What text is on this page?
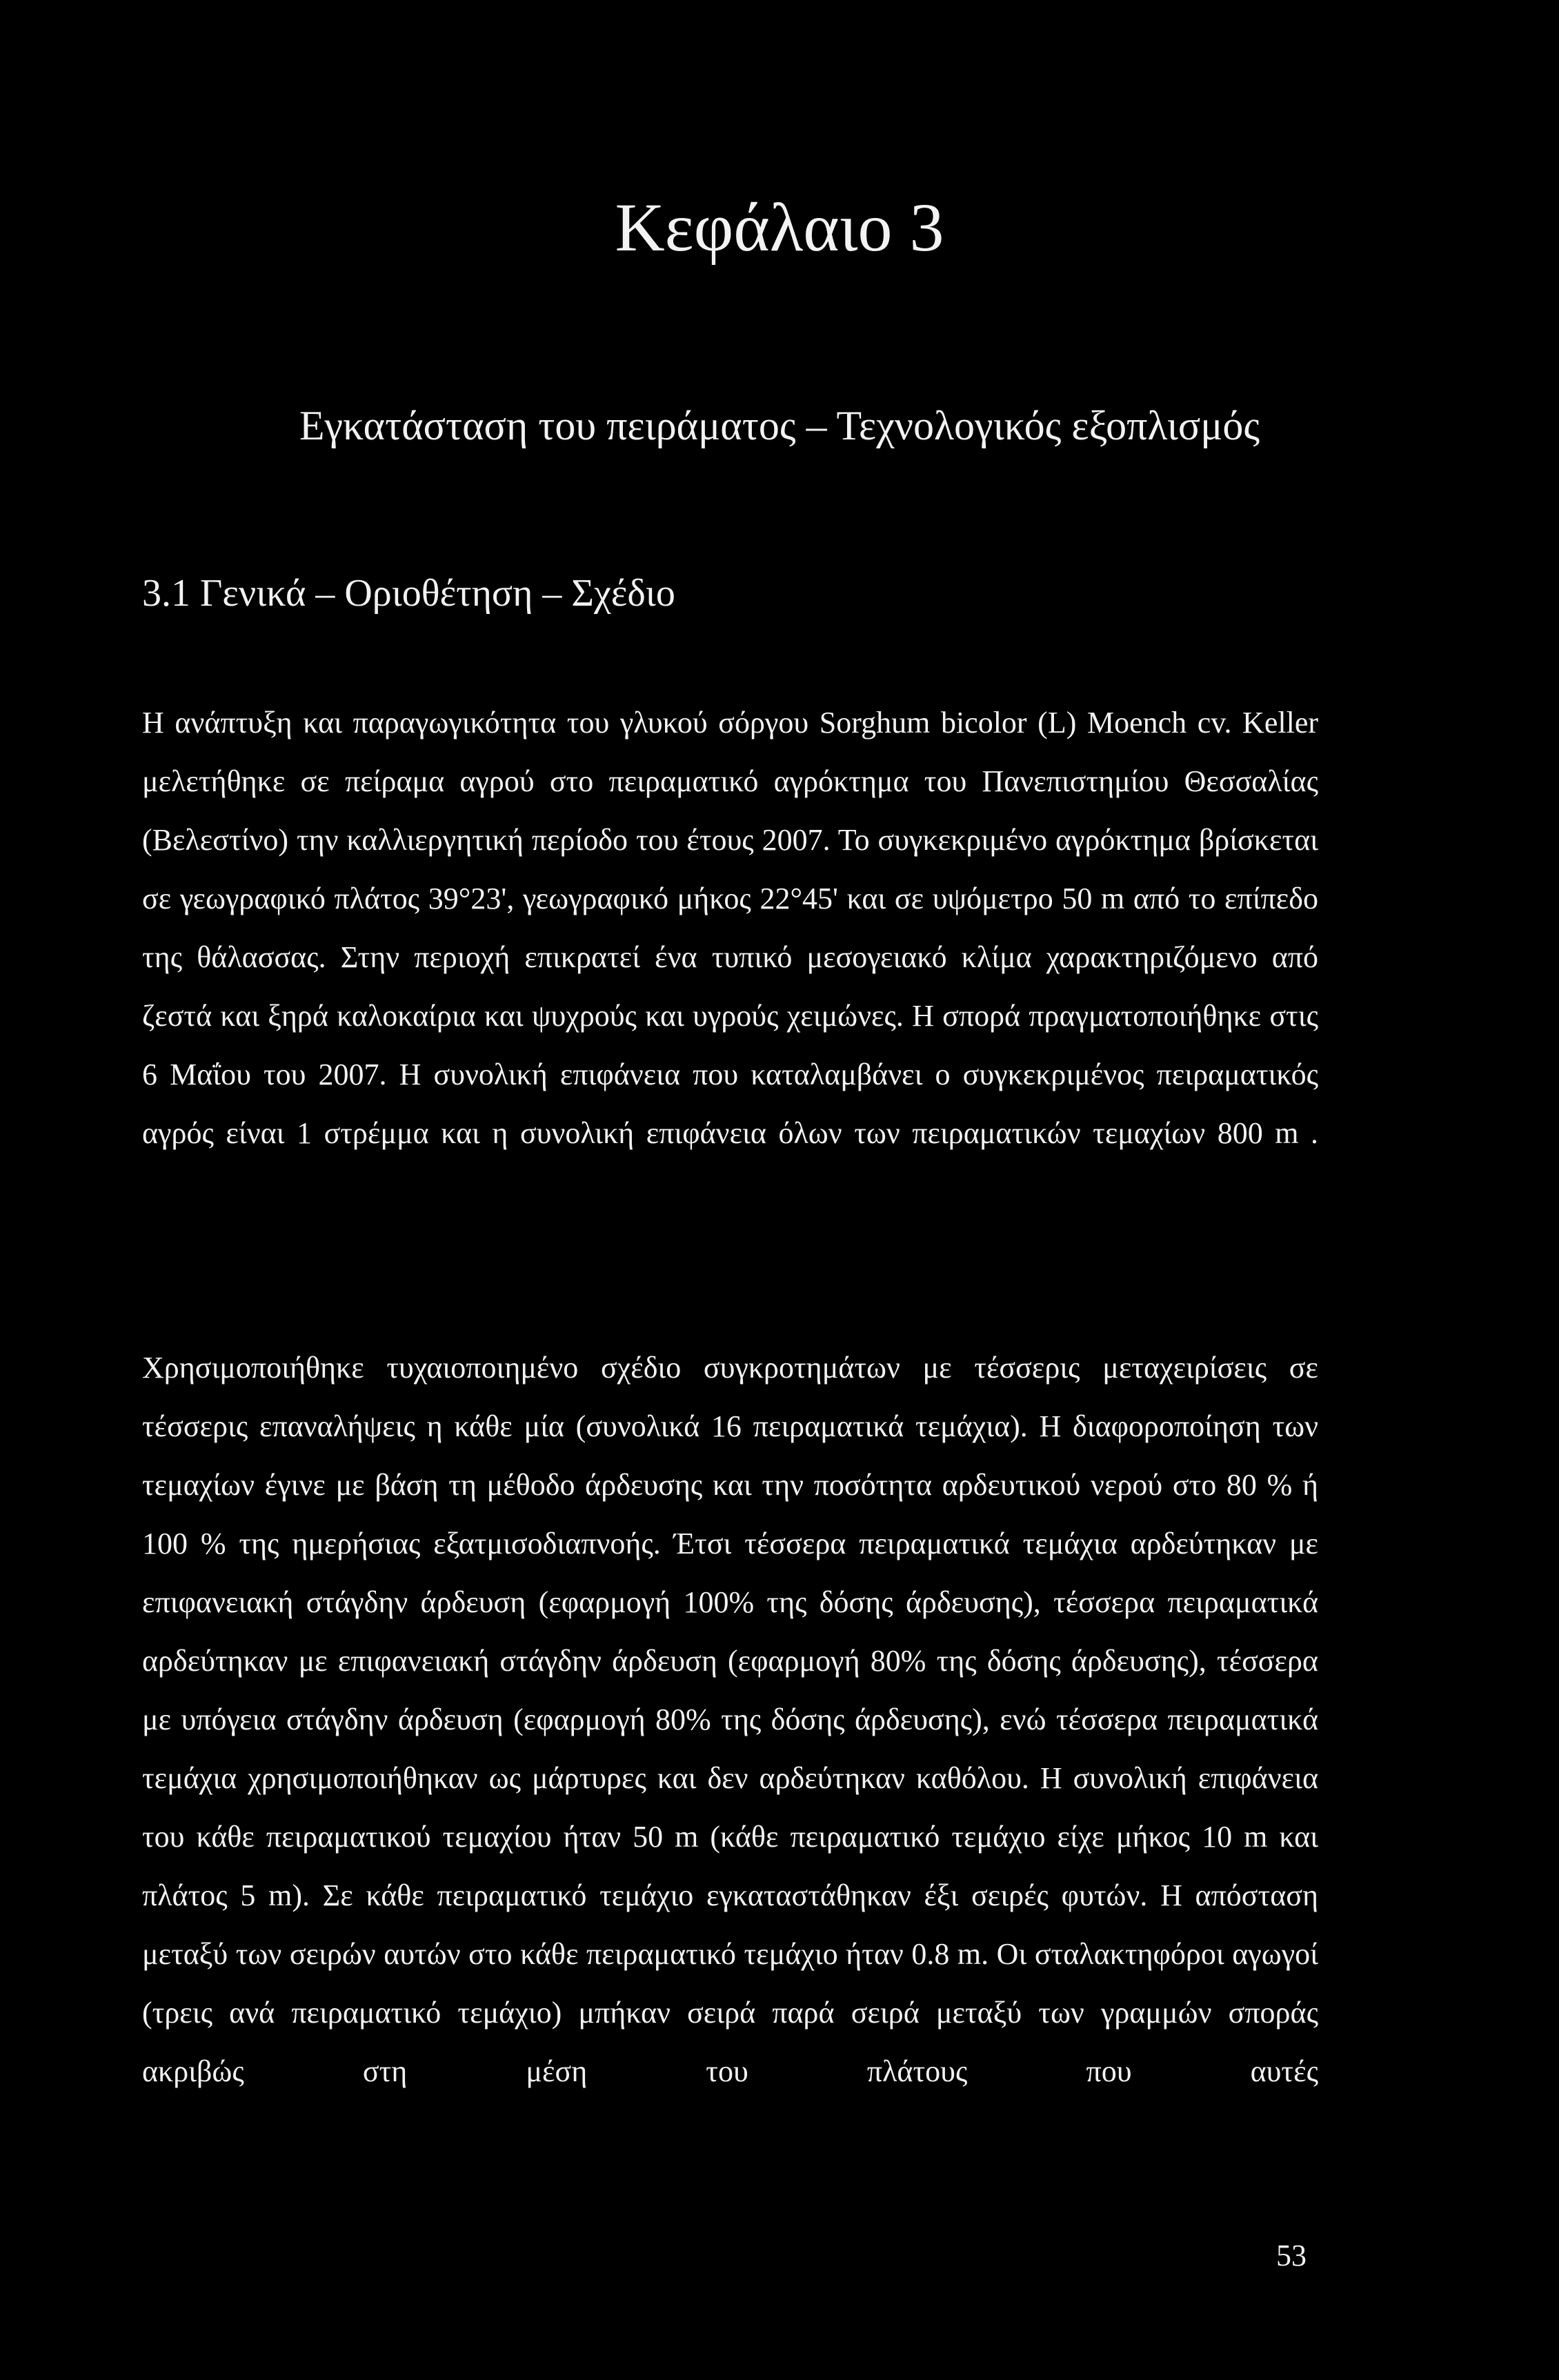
Κεφάλαιο 3
Εγκατάσταση του πειράματος – Τεχνολογικός εξοπλισμός
3.1 Γενικά – Οριοθέτηση – Σχέδιο

Η ανάπτυξη και παραγωγικότητα του γλυκού σόργου Sorghum bicolor (L) Moench cv. Keller μελετήθηκε σε πείραμα αγρού στο πειραματικό αγρόκτημα του Πανεπιστημίου Θεσσαλίας (Βελεστίνο) την καλλιεργητική περίοδο του έτους 2007. Το συγκεκριμένο αγρόκτημα βρίσκεται σε γεωγραφικό πλάτος 39°23', γεωγραφικό μήκος 22°45' και σε υψόμετρο 50 m από το επίπεδο της θάλασσας. Στην περιοχή επικρατεί ένα τυπικό μεσογειακό κλίμα χαρακτηριζόμενο από ζεστά και ξηρά καλοκαίρια και ψυχρούς και υγρούς χειμώνες. Η σπορά πραγματοποιήθηκε στις 6 Μαΐου του 2007. Η συνολική επιφάνεια που καταλαμβάνει ο συγκεκριμένος πειραματικός αγρός είναι 1 στρέμμα και η συνολική επιφάνεια όλων των πειραματικών τεμαχίων 800 m .

Χρησιμοποιήθηκε τυχαιοποιημένο σχέδιο συγκροτημάτων με τέσσερις μεταχειρίσεις σε τέσσερις επαναλήψεις η κάθε μία (συνολικά 16 πειραματικά τεμάχια). Η διαφοροποίηση των τεμαχίων έγινε με βάση τη μέθοδο άρδευσης και την ποσότητα αρδευτικού νερού στο 80 % ή 100 % της ημερήσιας εξατμισοδιαπνοής. Έτσι τέσσερα πειραματικά τεμάχια αρδεύτηκαν με επιφανειακή στάγδην άρδευση (εφαρμογή 100% της δόσης άρδευσης), τέσσερα πειραματικά αρδεύτηκαν με επιφανειακή στάγδην άρδευση (εφαρμογή 80% της δόσης άρδευσης), τέσσερα με υπόγεια στάγδην άρδευση (εφαρμογή 80% της δόσης άρδευσης), ενώ τέσσερα πειραματικά τεμάχια χρησιμοποιήθηκαν ως μάρτυρες και δεν αρδεύτηκαν καθόλου. Η συνολική επιφάνεια του κάθε πειραματικού τεμαχίου ήταν 50 m (κάθε πειραματικό τεμάχιο είχε μήκος 10 m και πλάτος 5 m). Σε κάθε πειραματικό τεμάχιο εγκαταστάθηκαν έξι σειρές φυτών. Η απόσταση μεταξύ των σειρών αυτών στο κάθε πειραματικό τεμάχιο ήταν 0.8 m. Οι σταλακτηφόροι αγωγοί (τρεις ανά πειραματικό τεμάχιο) μπήκαν σειρά παρά σειρά μεταξύ των γραμμών σποράς ακριβώς στη μέση του πλάτους που αυτές

53
